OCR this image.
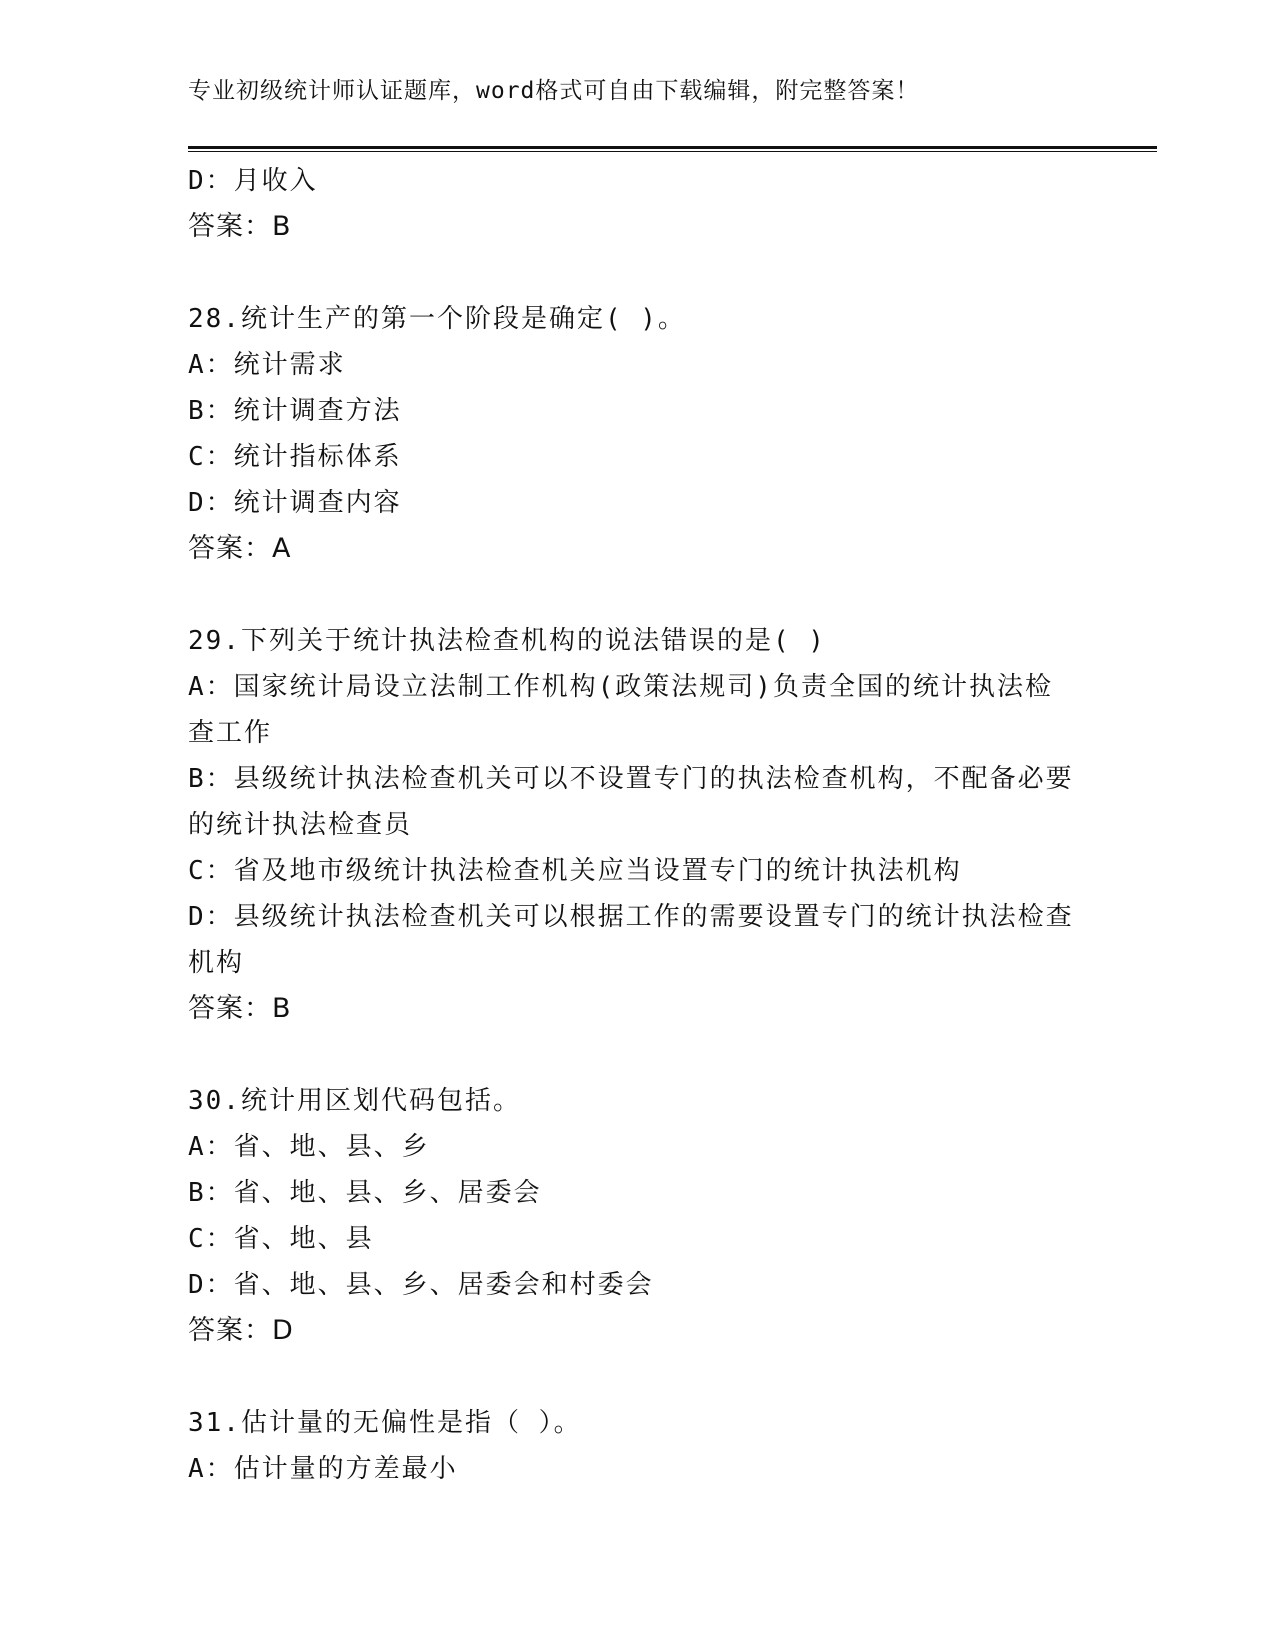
专业初级统计师认证题库，word格式可自由下载编辑，附完整答案！
D：月收入
答案：B
28.统计生产的第一个阶段是确定( )。
A：统计需求
B：统计调查方法
C：统计指标体系
D：统计调查内容
答案：A
29.下列关于统计执法检查机构的说法错误的是( )
A：国家统计局设立法制工作机构(政策法规司)负责全国的统计执法检查工作
B：县级统计执法检查机关可以不设置专门的执法检查机构，不配备必要的统计执法检查员
C：省及地市级统计执法检查机关应当设置专门的统计执法机构
D：县级统计执法检查机关可以根据工作的需要设置专门的统计执法检查机构
答案：B
30.统计用区划代码包括。
A：省、地、县、乡
B：省、地、县、乡、居委会
C：省、地、县
D：省、地、县、乡、居委会和村委会
答案：D
31.估计量的无偏性是指（ ）。
A：估计量的方差最小
